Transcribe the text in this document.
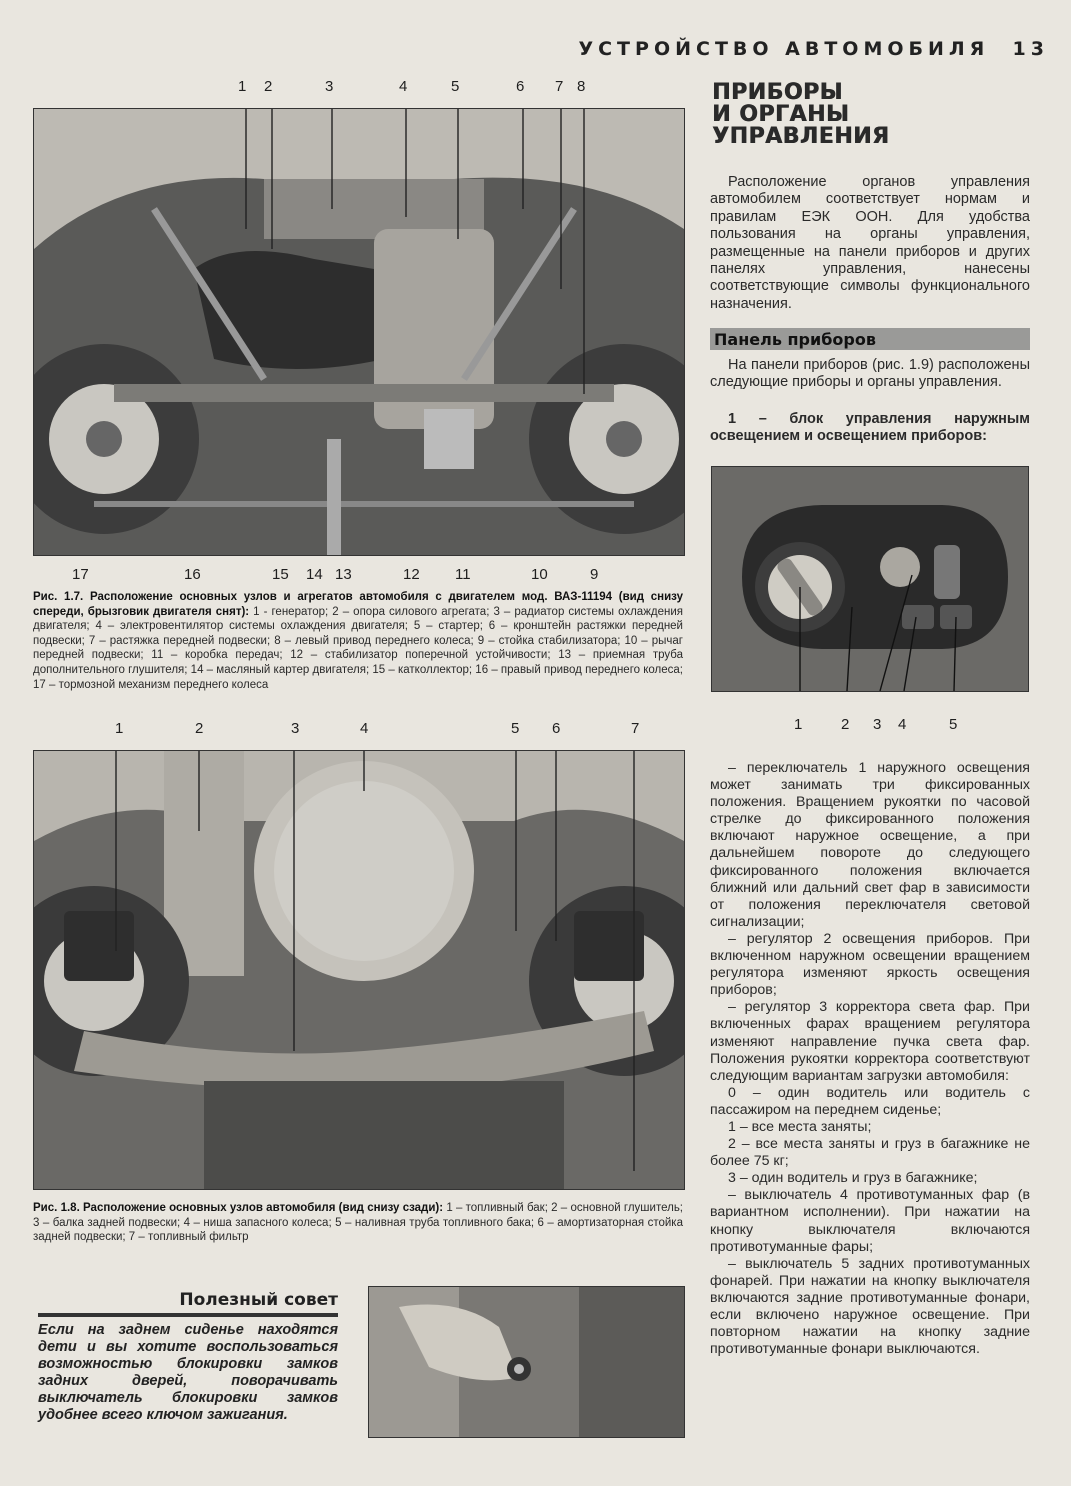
УСТРОЙСТВО АВТОМОБИЛЯ 13
1 2	3	4	5	6 7 8
17	16	15 14 13	12 11	10	9
Рис. 1.7. Расположение основных узлов и агрегатов автомобиля с двигателем мод. ВАЗ-11194 (вид снизу спереди, брызговик двигателя снят): 1 - генератор; 2 – опора силового агрегата; 3 – радиатор системы охлаждения двигателя; 4 – электровентилятор системы охлаждения двигателя; 5 – стартер; 6 – кронштейн растяжки передней подвески; 7 – растяжка передней подвески; 8 – левый привод переднего колеса; 9 – стойка стабилизатора; 10 – рычаг передней подвески; 11 – коробка передач; 12 – стабилизатор поперечной устойчивости; 13 – приемная труба дополнительного глушителя; 14 – масляный картер двигателя; 15 – катколлектор; 16 – правый привод переднего колеса; 17 – тормозной механизм переднего колеса
1	2	3	4	5 6	7
Рис. 1.8. Расположение основных узлов автомобиля (вид снизу сзади): 1 – топливный бак; 2 – основной глушитель; 3 – балка задней подвески; 4 – ниша запасного колеса; 5 – наливная труба топливного бака; 6 – амортизаторная стойка задней подвески; 7 – топливный фильтр
Полезный совет
Если на заднем сиденье находятся дети и вы хотите воспользоваться возможностью блокировки замков задних дверей, поворачивать выключатель блокировки замков удобнее всего ключом зажигания.
ПРИБОРЫ
И ОРГАНЫ
УПРАВЛЕНИЯ

Расположение органов управления автомобилем соответствует нормам и правилам ЕЭК ООН. Для удобства пользования на органы управления, размещенные на панели приборов и других панелях управления, нанесены соответствующие символы функционального назначения.

Панель приборов

На панели приборов (рис. 1.9) расположены следующие приборы и органы управления.

1 – блок управления наружным освещением и освещением приборов:

1	2 3 4	5

– переключатель 1 наружного освещения может занимать три фиксированных положения. Вращением рукоятки по часовой стрелке до фиксированного положения включают наружное освещение, а при дальнейшем повороте до следующего фиксированного положения включается ближний или дальний свет фар в зависимости от положения переключателя световой сигнализации;

– регулятор 2 освещения приборов. При включенном наружном освещении вращением регулятора изменяют яркость освещения приборов;

– регулятор 3 корректора света фар. При включенных фарах вращением регулятора изменяют направление пучка света фар. Положения рукоятки корректора соответствуют следующим вариантам загрузки автомобиля:

0 – один водитель или водитель с пассажиром на переднем сиденье;

1 – все места заняты;

2 – все места заняты и груз в багажнике не более 75 кг;

3 – один водитель и груз в багажнике;

– выключатель 4 противотуманных фар (в вариантном исполнении). При нажатии на кнопку выключателя включаются противотуманные фары;

– выключатель 5 задних противотуманных фонарей. При нажатии на кнопку выключателя включаются задние противотуманные фонари, если включено наружное освещение. При повторном нажатии на кнопку задние противотуманные фонари выключаются.
